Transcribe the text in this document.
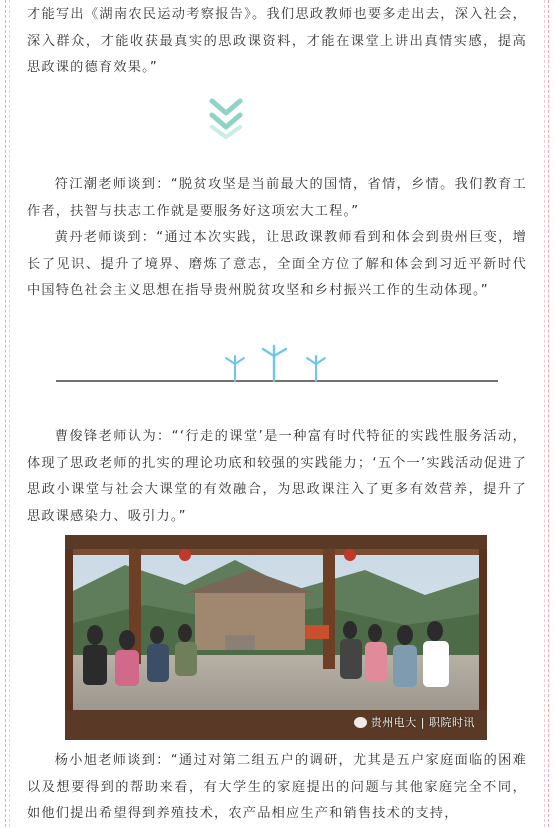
才能写出《湖南农民运动考察报告》。我们思政教师也要多走出去，深入社会，深入群众，才能收获最真实的思政课资料，才能在课堂上讲出真情实感，提高思政课的德育效果。”

符江潮老师谈到：“脱贫攻坚是当前最大的国情，省情，乡情。我们教育工作者，扶智与扶志工作就是要服务好这项宏大工程。”

黄丹老师谈到：“通过本次实践，让思政课教师看到和体会到贵州巨变，增长了见识、提升了境界、磨炼了意志，全面全方位了解和体会到习近平新时代中国特色社会主义思想在指导贵州脱贫攻坚和乡村振兴工作的生动体现。”

曹俊锋老师认为：“‘行走的课堂’是一种富有时代特征的实践性服务活动，体现了思政老师的扎实的理论功底和较强的实践能力；‘五个一’实践活动促进了思政小课堂与社会大课堂的有效融合，为思政课注入了更多有效营养，提升了思政课感染力、吸引力。”

贵州电大 | 职院时讯

杨小旭老师谈到：“通过对第二组五户的调研，尤其是五户家庭面临的困难以及想要得到的帮助来看，有大学生的家庭提出的问题与其他家庭完全不同，如他们提出希望得到养殖技术，农产品相应生产和销售技术的支持，
